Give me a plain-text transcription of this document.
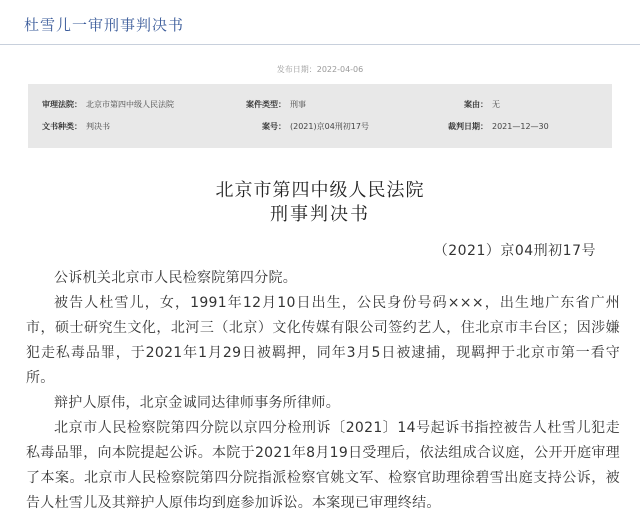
杜雪儿一审刑事判决书
发布日期：2022-04-06
审理法院： 北京市第四中级人民法院	案件类型： 刑事	案由： 无
文书种类： 判决书	案号： (2021)京04刑初17号	裁判日期： 2021—12—30
北京市第四中级人民法院
刑事判决书
（2021）京04刑初17号

公诉机关北京市人民检察院第四分院。

被告人杜雪儿，女，1991年12月10日出生，公民身份号码×××，出生地广东省广州市，硕士研究生文化，北河三（北京）文化传媒有限公司签约艺人，住北京市丰台区；因涉嫌犯走私毒品罪，于2021年1月29日被羁押，同年3月5日被逮捕，现羁押于北京市第一看守所。

辩护人原伟，北京金诚同达律师事务所律师。

北京市人民检察院第四分院以京四分检刑诉〔2021〕14号起诉书指控被告人杜雪儿犯走私毒品罪，向本院提起公诉。本院于2021年8月19日受理后，依法组成合议庭，公开开庭审理了本案。北京市人民检察院第四分院指派检察官姚文军、检察官助理徐碧雪出庭支持公诉，被告人杜雪儿及其辩护人原伟均到庭参加诉讼。本案现已审理终结。
